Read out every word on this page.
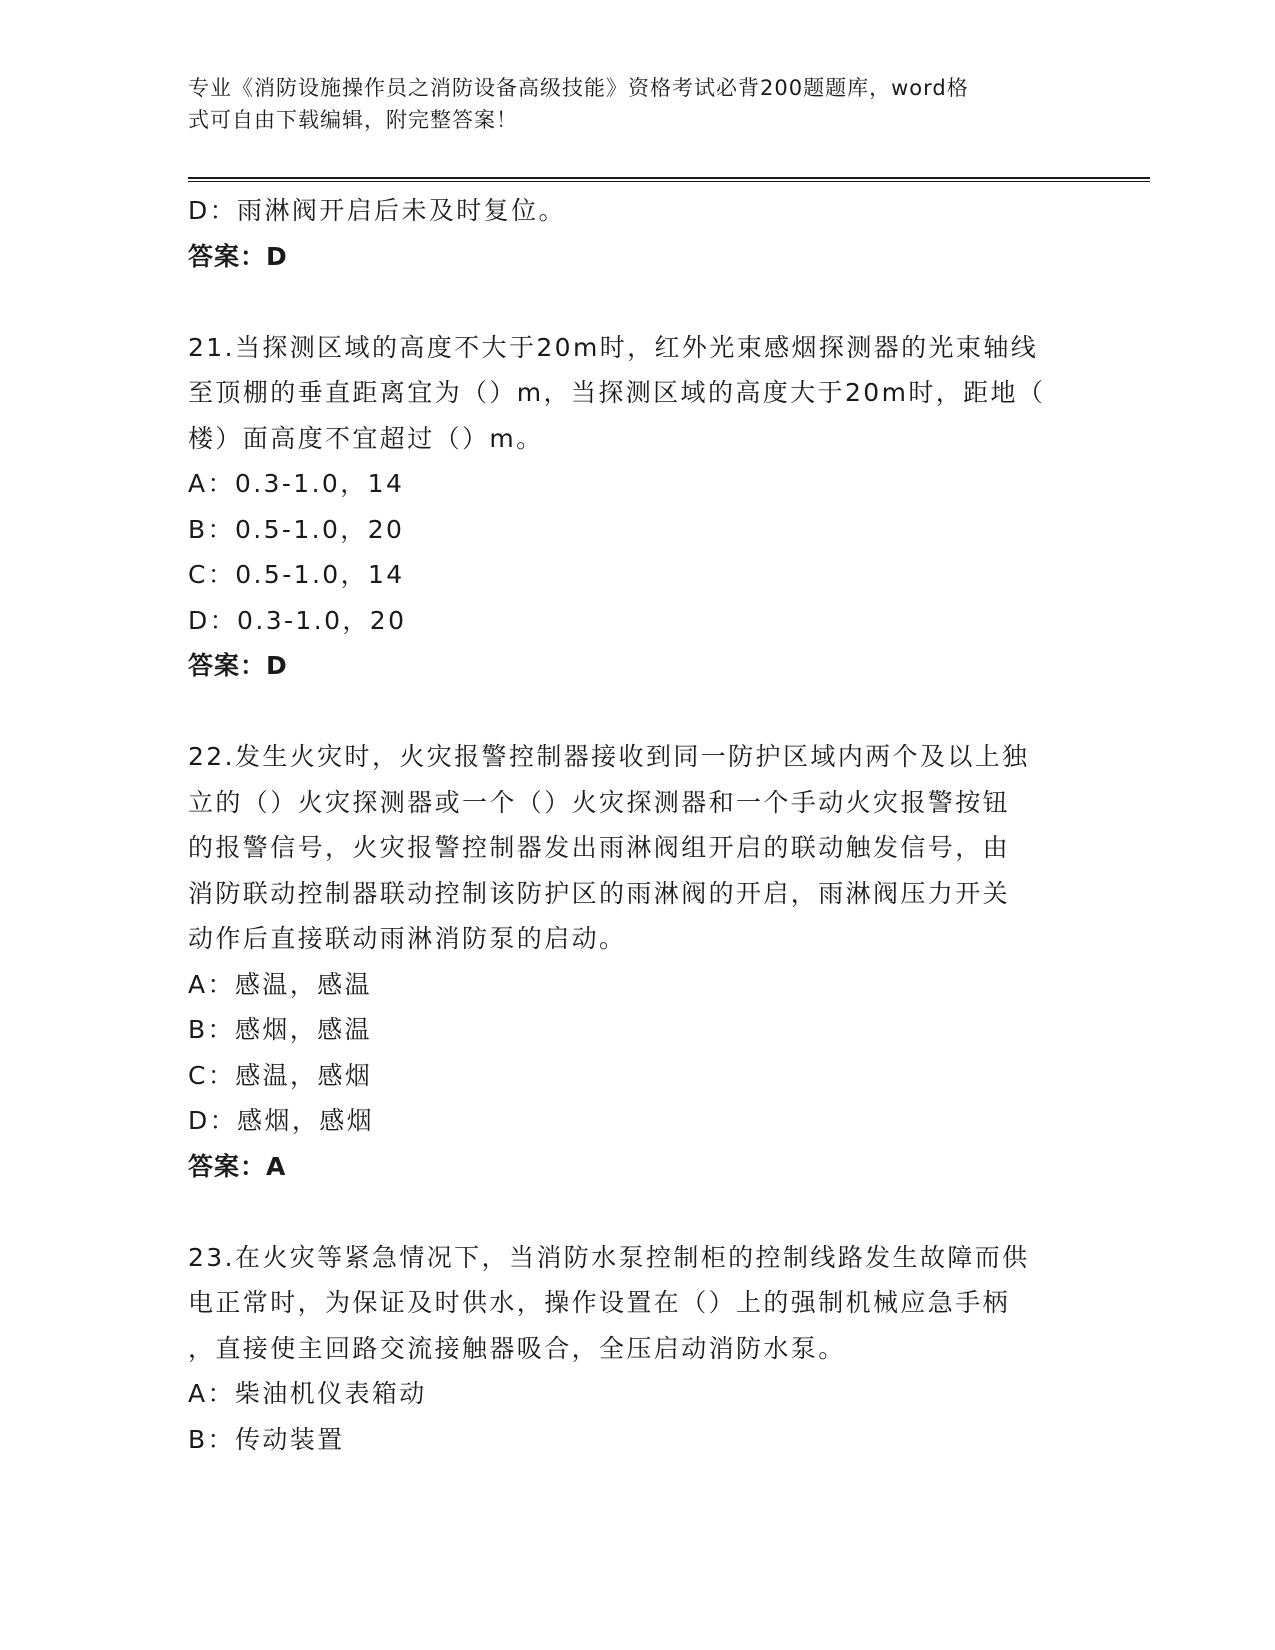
专业《消防设施操作员之消防设备高级技能》资格考试必背200题题库，word格
式可自由下载编辑，附完整答案！
D：雨淋阀开启后未及时复位。
答案：D
21.当探测区域的高度不大于20m时，红外光束感烟探测器的光束轴线
至顶棚的垂直距离宜为（）m，当探测区域的高度大于20m时，距地（
楼）面高度不宜超过（）m。
A：0.3-1.0，14
B：0.5-1.0，20
C：0.5-1.0，14
D：0.3-1.0，20
答案：D
22.发生火灾时，火灾报警控制器接收到同一防护区域内两个及以上独
立的（）火灾探测器或一个（）火灾探测器和一个手动火灾报警按钮
的报警信号，火灾报警控制器发出雨淋阀组开启的联动触发信号，由
消防联动控制器联动控制该防护区的雨淋阀的开启，雨淋阀压力开关
动作后直接联动雨淋消防泵的启动。
A：感温，感温
B：感烟，感温
C：感温，感烟
D：感烟，感烟
答案：A
23.在火灾等紧急情况下，当消防水泵控制柜的控制线路发生故障而供
电正常时，为保证及时供水，操作设置在（）上的强制机械应急手柄
，直接使主回路交流接触器吸合，全压启动消防水泵。
A：柴油机仪表箱动
B：传动装置
